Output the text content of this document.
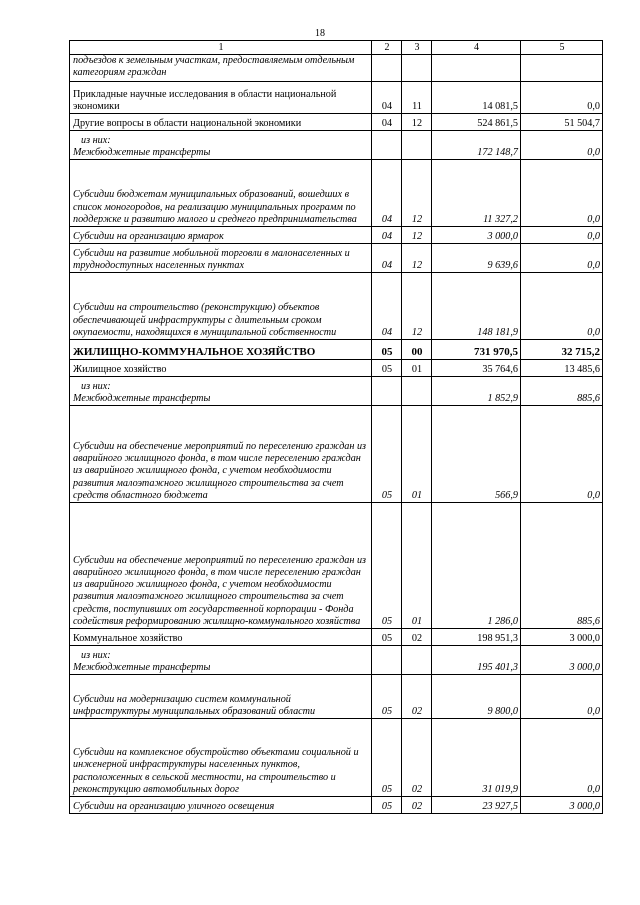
18
1	2	3	4	5
подъездов к земельным участкам, предоставляемым отдельным категориям граждан				
Прикладные научные исследования в области национальной экономики	04	11	14 081,5	0,0
Другие вопросы в области национальной экономики	04	12	524 861,5	51 504,7

из них:
Межбюджетные трансферты			172 148,7	0,0
Субсидии бюджетам муниципальных образований, вошедших в список моногородов, на реализацию муниципальных программ по поддержке и развитию малого и среднего предпринимательства	04	12	11 327,2	0,0
Субсидии на организацию ярмарок	04	12	3 000,0	0,0
Субсидии на развитие мобильной торговли в малонаселенных и труднодоступных населенных пунктах	04	12	9 639,6	0,0
Субсидии на строительство (реконструкцию) объектов обеспечивающей инфраструктуры с длительным сроком окупаемости, находящихся в муниципальной собственности	04	12	148 181,9	0,0
ЖИЛИЩНО-КОММУНАЛЬНОЕ ХОЗЯЙСТВО	05	00	731 970,5	32 715,2
Жилищное хозяйство	05	01	35 764,6	13 485,6

из них:
Межбюджетные трансферты			1 852,9	885,6
Субсидии на обеспечение мероприятий по переселению граждан из аварийного жилищного фонда, в том числе переселению граждан из аварийного жилищного фонда, с учетом необходимости развития малоэтажного жилищного строительства за счет средств областного бюджета	05	01	566,9	0,0
Субсидии на обеспечение мероприятий по переселению граждан из аварийного жилищного фонда, в том числе переселению граждан из аварийного жилищного фонда, с учетом необходимости развития малоэтажного жилищного строительства за счет средств, поступивших от государственной корпорации - Фонда содействия реформированию жилищно-коммунального хозяйства	05	01	1 286,0	885,6
Коммунальное хозяйство	05	02	198 951,3	3 000,0

из них:
Межбюджетные трансферты			195 401,3	3 000,0
Субсидии на модернизацию систем коммунальной инфраструктуры муниципальных образований области	05	02	9 800,0	0,0
Субсидии на комплексное обустройство объектами социальной и инженерной инфраструктуры населенных пунктов, расположенных в сельской местности, на строительство и реконструкцию автомобильных дорог	05	02	31 019,9	0,0
Субсидии на организацию уличного освещения	05	02	23 927,5	3 000,0
